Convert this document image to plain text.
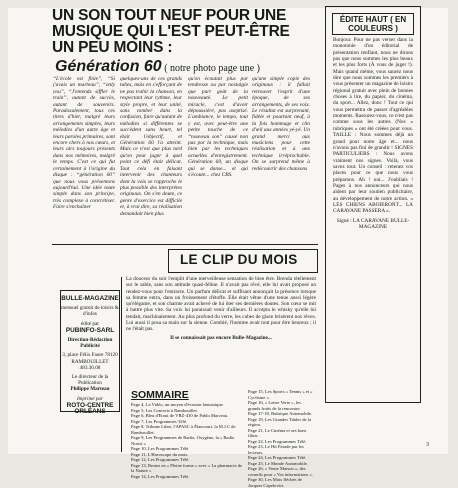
UN SON TOUT NEUF POUR UNE MUSIQUE QUI L'EST PEUT-ÊTRE UN PEU MOINS :
Génération 60 ( notre photo page une )
“L'école est finie”, “Si j'avais un marteau”, “only you”, “J'entends siffler le train”, autant de succès, autant de souvenirs. Paradoxalement, tous ces titres d'hier, malgré leurs arrangements simples, leurs mélodies d'un autre âge et leurs paroles primaires, sont encore chers à nos cœurs, et leurs airs toujours présents dans nos mémoires, malgré le temps. C'est ce qui fut certainement à l'origine du disque : “génération 60” que nous vous présentons aujourd'hui. Une idée toute simple dans son principe, très complexe à concrétiser. Faire s'enchaîner
quelques-uns de ces grands tubes, mais en s'efforçant de ne pas trahir la chanson, en respectant leur rythme, leur style propre, et leur unité, sans tomber dans la confusion, faire qu'autant de mélodies si différentes se succèdent sans heurt, tel était l'objectif, et Génération 60 l'a atteint. Mais ce n'est que plus tard qu'on peut juger à quel point ce défi était délicat. Tout cela en faisant intervenir des chanteurs dont la voix se rapproche le plus possible des interprètes originaux. On s'en doute, ce genre d'exercice est difficile et, à vrai dire, sa réalisation demandait bien plus
qu'on écoutait plus par tendresse ou par nostalgie que part goût de la nouveauté. Le petit miracle, c'est d'avoir dépoussiéré, pas aseptisé. L'ambiance, le tempo, tout y est, avec peut-être une petite touche de ce “nouveau son” causé non pas par la technique, mais bien par les techniques actuelles d'enregistrement. Génération 60, un disque qui se danse... et qui s'écoute... chez CBS.
qu'une simple copie des originaux : il fallait retrouver l'esprit d'une époque, de ses arrangements, de ses voix. Le résultat est surprenant, fidèle et pourtant neuf, à la fois hommage et clin d'œil aux années yé-yé. Un grand merci aux musiciens pour cette réalisation et à une technique irréprochable. On se surprend même à redécouvrir des chansons
BULLE-MAGAZINE
mensuel gratuit de loisirs & d'infos
édité par
PUBINFO-SARL
Direction-Rédaction Publicité
3, place Félix Faure 78120 RAMBOUILLET 483.36.08
Le directeur de la Publication
Philippe Marteau
Imprimé par
ROTO-CENTRE ORLÉANS
LE CLIP DU MOIS
La douceur du soir l'emplit d'une merveilleuse sensation de bien être. Brenda réellement sur le sable, sans son attitude quasi-féline. Il n'avait pas rêvé, elle lui avait proposé un rendez-vous pour l'entracte. Un parfum délicat et suffisant annonçait la présence lorsque sa femme entra, dans un froissement d'étoffe. Elle était vêtue d'une tenue aussi légère qu'élégante, et son charme avait achevé de lui ôter ses dernières doutes. Son cœur se mit à battre plus vite. Sa voix lui paraissait venir d'ailleurs. Il accepta le whisky qu'elle lui tendait, machinalement. Au plus profond du verre, les cubes de glace brisèrent nos rêves. Lui aussi il posa sa main sur la sienne. Combié, l'homme avait tout pour être heureux ; il ne l'était pas.
Il se connaissait pas encore Bulle-Magazine...
SOMMAIRE
Page 4, La Vidéo, un moyen d'évasion fantastique.
Page 5, Les Concerts à Rambouillet.
Page 6, Bleu d'Etout de VRZ-410 de Pablo Marceau.
Page 7, Les Programmes Télé.
Page 8, Tribune Libre, l'APASC à Élancourt, la M.J.C de Rambouillet.
Page 9, Les Programmes de Radio, Oxygène, la « Radio Nostri »
Page 10, Les Programmes Télé.
Page 11, L'Horoscope du mois.
Page 12, Les Programmes Télé.
Page 13, Restez en « Pleine forme » avec « La pharmacie de la Nature »
Page 14, Les Programmes Télé.
Page 15, Les Sports « Tennis » et « Cyclisme ».
Page 16, « Lettre Verte », les grands fruits de la rencontre.
Page 17-18, Rubrique Automobile.
Page 19, Les Grandes Tables de la région.
Page 21, Le Cinéma et ses bons films.
Page 22, Les Programmes Télé.
Page 23, Le Hit Parade par les lecteurs.
Page 24, Les Programmes Télé.
Page 25, Le Monde Automobile.
Page 26, « Vente Maison », des conseils pour « Vos informations ».
Page 30, Les Mots fléchés de Jacques Capelovici.
ÉDITE HAUT ( EN COULEURS )
Bonjour. Pour ne pas verser dans la monotonie d'un éditorial de présentation renflant, nous ne dirons pas que nous sommes les plus beaux et les plus forts (À vous de juger !). Mais quand même, vous saurez nous dire que nous sommes les premiers à vous présenter un magazine de loisirs régional gratuit avec plein de bonnes choses à lire, du papier, du cinéma, du sport... Allez, donc ! Tout ce qui vous permettra de passer d'agréables moments. Rassurez-vous, ce n'est pas comme sous les autres (Nos « rubriques » ont été créées pour vous. TAILLE : Nous sommes déjà un grand pour notre âge et... nous n'avons pas fini de grandir ! SIGNES PARTICULIERS : Nous avons vraiment nos signes. Voilà, vous savez tout. Un conseil : retenez vos places pour ce que nous vous préparons. Ah ! oui... J'oubliais ! Pages à nos annonceurs qui nous aident par leur soutien publicitaire, au développement de notre action. « LES CHIENS ABOIERONT... LA CARAVANE PASSERA ».
Signé : LA CARAVANE BULLE-MAGAZINE
3
